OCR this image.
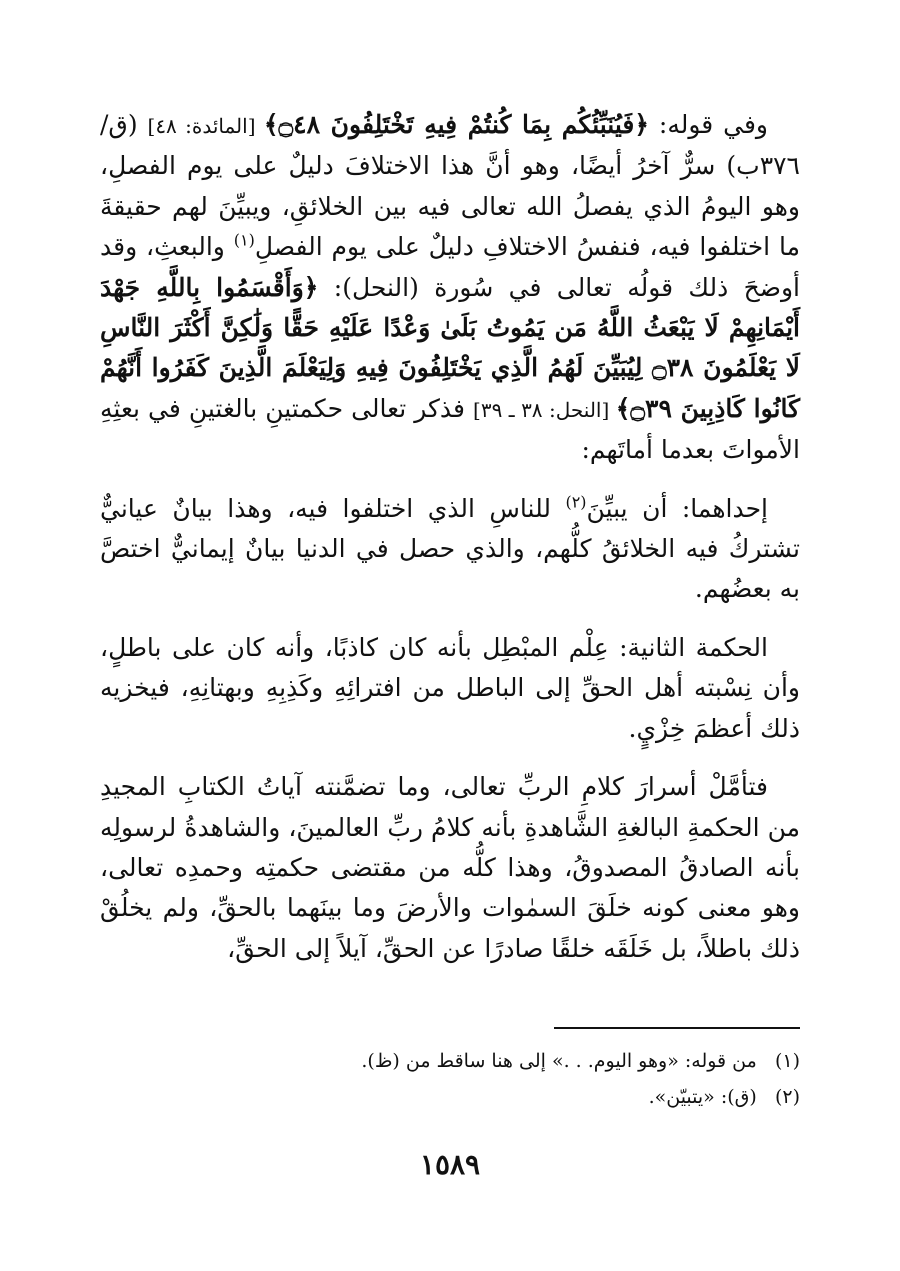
وفي قوله: ﴿فَيُنَبِّئُكُم بِمَا كُنتُمْ فِيهِ تَخْتَلِفُونَ ۝٤٨﴾ [المائدة: ٤٨] (ق/٣٧٦ب) سرٌّ آخرُ أيضًا، وهو أنَّ هذا الاختلافَ دليلٌ على يوم الفصلِ، وهو اليومُ الذي يفصلُ الله تعالى فيه بين الخلائقِ، ويبيِّنَ لهم حقيقةَ ما اختلفوا فيه، فنفسُ الاختلافِ دليلٌ على يوم الفصلِ$^{(١)}$ والبعثِ، وقد أوضحَ ذلك قولُه تعالى في سُورة (النحل): ﴿وَأَقْسَمُوا بِاللَّهِ جَهْدَ أَيْمَانِهِمْ لَا يَبْعَثُ اللَّهُ مَن يَمُوتُ بَلَىٰ وَعْدًا عَلَيْهِ حَقًّا وَلَٰكِنَّ أَكْثَرَ النَّاسِ لَا يَعْلَمُونَ ۝٣٨ لِيُبَيِّنَ لَهُمُ الَّذِي يَخْتَلِفُونَ فِيهِ وَلِيَعْلَمَ الَّذِينَ كَفَرُوا أَنَّهُمْ كَانُوا كَاذِبِينَ ۝٣٩﴾ [النحل: ٣٨ ـ ٣٩] فذكر تعالى حكمتينِ بالغتينِ في بعثِهِ الأمواتَ بعدما أماتَهم:

إحداهما: أن يبيِّنَ$^{(٢)}$ للناسِ الذي اختلفوا فيه، وهذا بيانٌ عيانيٌّ تشتركُ فيه الخلائقُ كلُّهم، والذي حصل في الدنيا بيانٌ إيمانيٌّ اختصَّ به بعضُهم.

الحكمة الثانية: عِلْم المبْطِل بأنه كان كاذبًا، وأنه كان على باطلٍ، وأن نِسْبته أهل الحقِّ إلى الباطل من افترائِهِ وكَذِبِهِ وبهتانِهِ، فيخزيه ذلك أعظمَ خِزْيٍ.

فتأمَّلْ أسرارَ كلامِ الربِّ تعالى، وما تضمَّنته آياتُ الكتابِ المجيدِ من الحكمةِ البالغةِ الشَّاهدةِ بأنه كلامُ ربِّ العالمينَ، والشاهدةُ لرسولِه بأنه الصادقُ المصدوقُ، وهذا كلُّه من مقتضى حكمتِه وحمدِه تعالى، وهو معنى كونه خلَقَ السمٰوات والأرضَ وما بينَهما بالحقِّ، ولم يخلُقْ ذلك باطلاً، بل خَلَقَه خلقًا صادرًا عن الحقِّ، آيلاً إلى الحقِّ،

(١)   من قوله: «وهو اليوم. . .» إلى هنا ساقط من (ظ).

(٢)   (ق): «يتبيّن».

١٥٨٩
